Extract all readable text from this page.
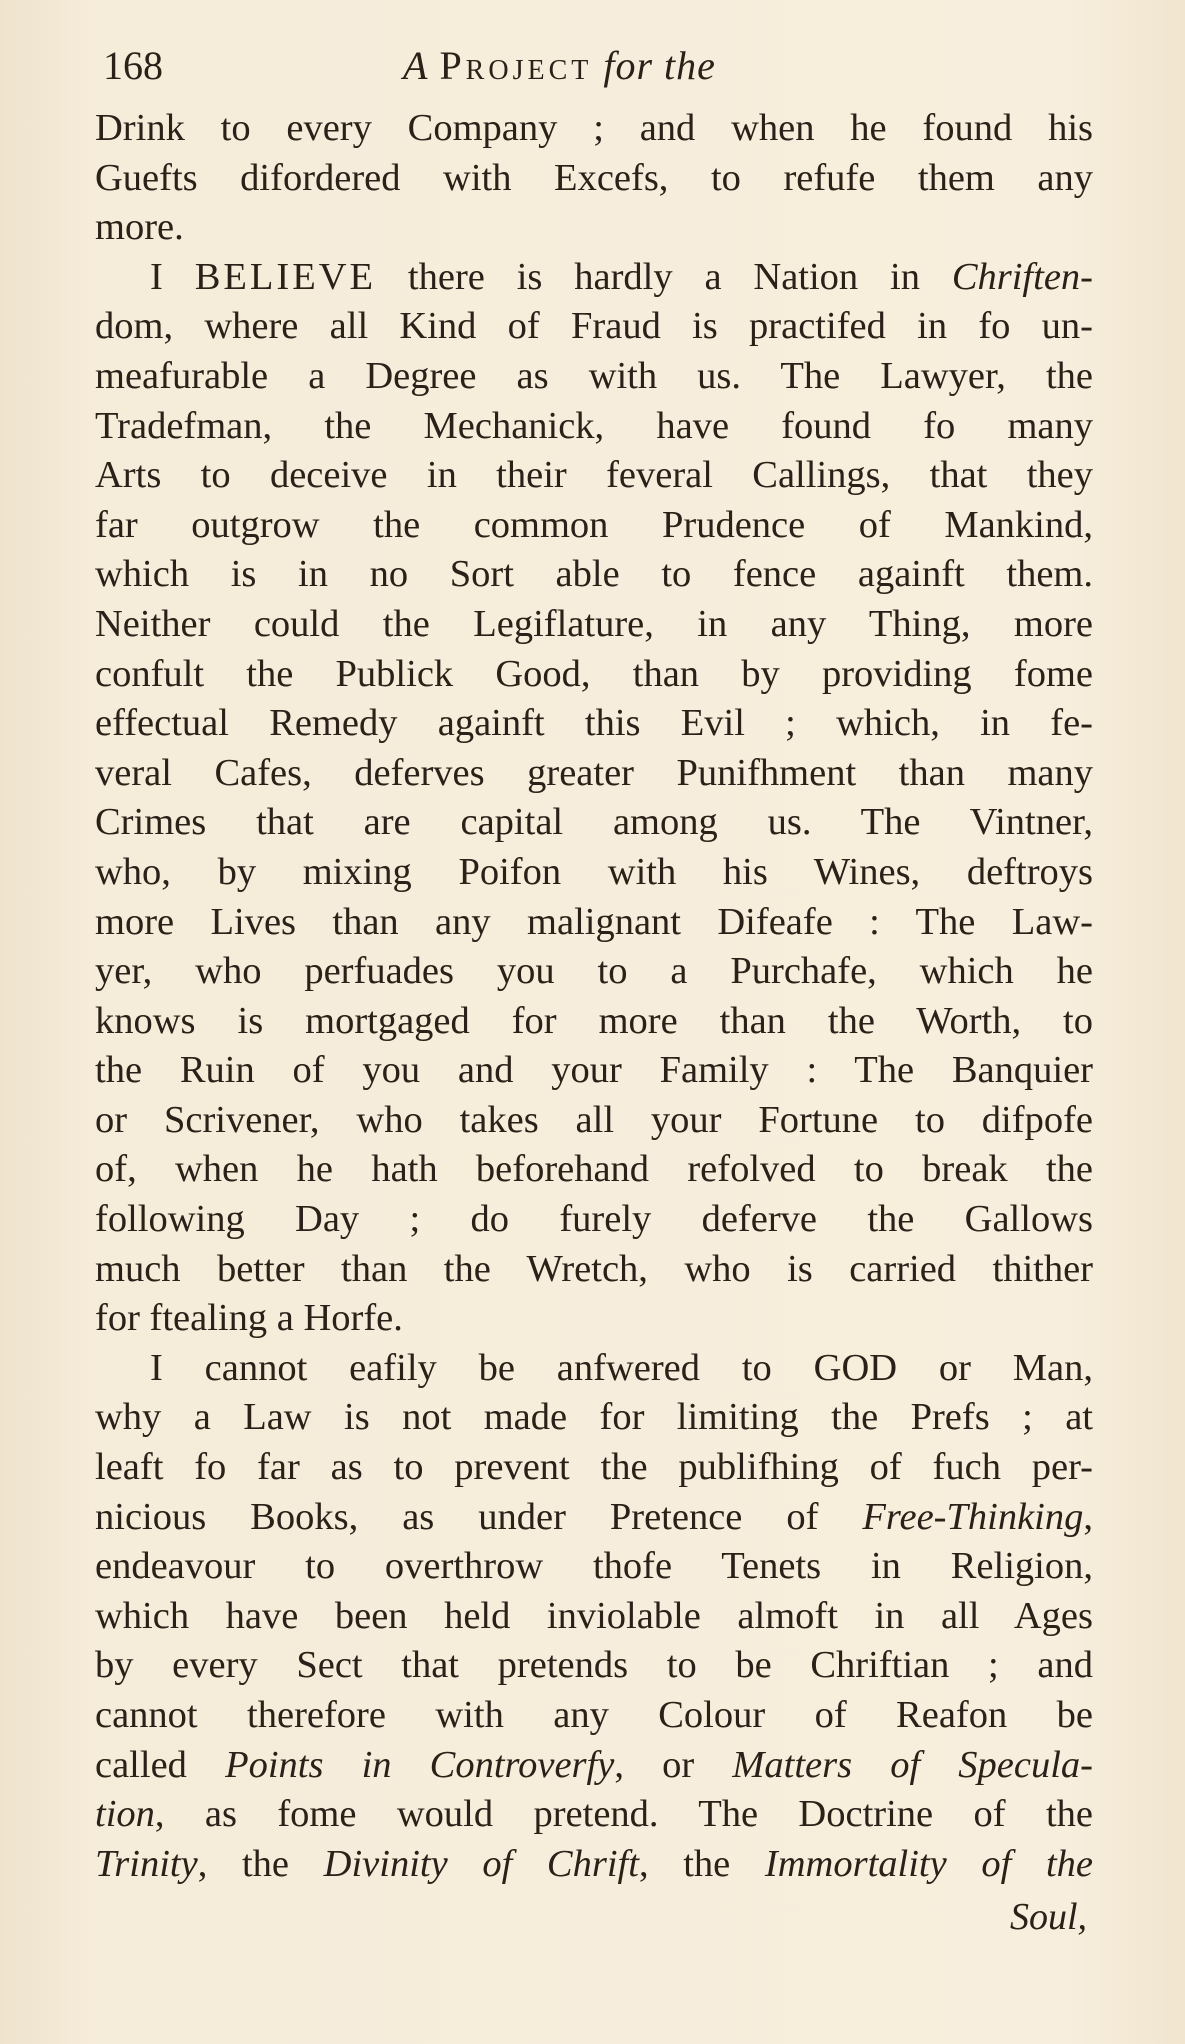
168	A Project for the
Drink to every Company ; and when he found his
Guefts difordered with Excefs, to refufe them any
more.
I BELIEVE there is hardly a Nation in Chriften-
dom, where all Kind of Fraud is practifed in fo un-
meafurable a Degree as with us. The Lawyer, the
Tradefman, the Mechanick, have found fo many
Arts to deceive in their feveral Callings, that they
far outgrow the common Prudence of Mankind,
which is in no Sort able to fence againft them.
Neither could the Legiflature, in any Thing, more
confult the Publick Good, than by providing fome
effectual Remedy againft this Evil ; which, in fe-
veral Cafes, deferves greater Punifhment than many
Crimes that are capital among us. The Vintner,
who, by mixing Poifon with his Wines, deftroys
more Lives than any malignant Difeafe : The Law-
yer, who perfuades you to a Purchafe, which he
knows is mortgaged for more than the Worth, to
the Ruin of you and your Family : The Banquier
or Scrivener, who takes all your Fortune to difpofe
of, when he hath beforehand refolved to break the
following Day ; do furely deferve the Gallows
much better than the Wretch, who is carried thither
for ftealing a Horfe.
I cannot eafily be anfwered to GOD or Man,
why a Law is not made for limiting the Prefs ; at
leaft fo far as to prevent the publifhing of fuch per-
nicious Books, as under Pretence of Free-Thinking,
endeavour to overthrow thofe Tenets in Religion,
which have been held inviolable almoft in all Ages
by every Sect that pretends to be Chriftian ; and
cannot therefore with any Colour of Reafon be
called Points in Controverfy, or Matters of Specula-
tion, as fome would pretend. The Doctrine of the
Trinity, the Divinity of Chrift, the Immortality of the
Soul,
